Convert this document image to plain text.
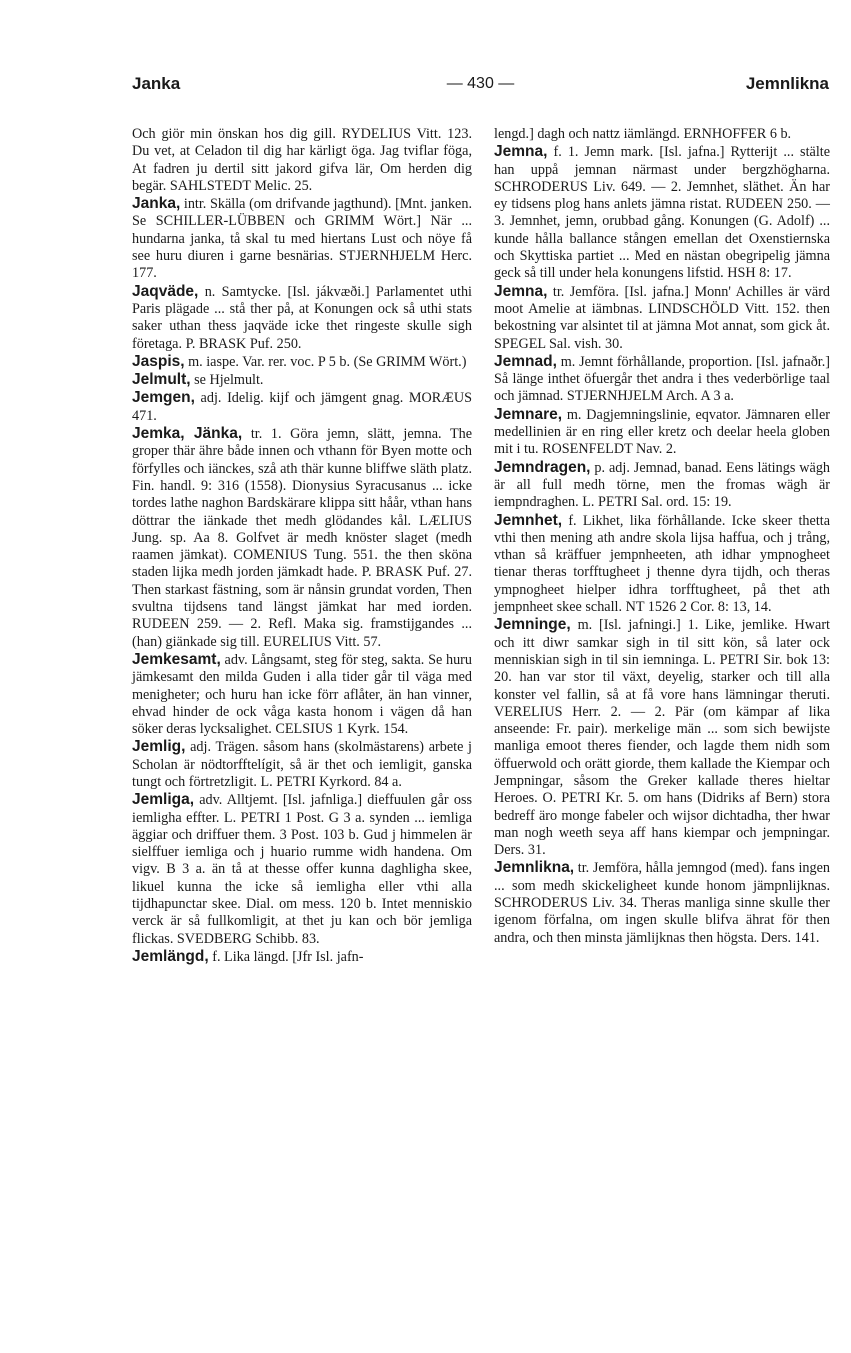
Janka	— 430 —	Jemnlikna

Och giör min önskan hos dig gill. RYDELIUS Vitt. 123. Du vet, at Celadon til dig har kärligt öga. Jag tviflar föga, At fadren ju dertil sitt jakord gifva lär, Om herden dig begär. SAHLSTEDT Melic. 25.

Janka, intr. Skälla (om drifvande jagthund). [Mnt. janken. Se SCHILLER-LÜBBEN och GRIMM Wört.] När ... hundarna janka, tå skal tu med hiertans Lust och nöye få see huru diuren i garne besnärias. STJERNHJELM Herc. 177.

Jaqväde, n. Samtycke. [Isl. jákvæði.] Parlamentet uthi Paris plägade ... stå ther på, at Konungen ock så uthi stats saker uthan thess jaqväde icke thet ringeste skulle sigh företaga. P. BRASK Puf. 250.

Jaspis, m. iaspe. Var. rer. voc. P 5 b. (Se GRIMM Wört.)

Jelmult, se Hjelmult.

Jemgen, adj. Idelig. kijf och jämgent gnag. MORÆUS 471.

Jemka, Jänka, tr. 1. Göra jemn, slätt, jemna. The groper thär ähre både innen och vthann för Byen motte och förfylles och iänckes, szå ath thär kunne bliffwe släth platz. Fin. handl. 9: 316 (1558). Dionysius Syracusanus ... icke tordes lathe naghon Bardskärare klippa sitt håår, vthan hans döttrar the iänkade thet medh glödandes kål. LÆLIUS Jung. sp. Aa 8. Golfvet är medh knöster slaget (medh raamen jämkat). COMENIUS Tung. 551. the then sköna staden lijka medh jorden jämkadt hade. P. BRASK Puf. 27. Then starkast fästning, som är nånsin grundat vorden, Then svultna tijdsens tand längst jämkat har med iorden. RUDEEN 259. — 2. Refl. Maka sig. framstijgandes ... (han) giänkade sig till. EURELIUS Vitt. 57.

Jemkesamt, adv. Långsamt, steg för steg, sakta. Se huru jämkesamt den milda Guden i alla tider går til väga med menigheter; och huru han icke förr aflåter, än han vinner, ehvad hinder de ock våga kasta honom i vägen då han söker deras lycksalighet. CELSIUS 1 Kyrk. 154.

Jemlig, adj. Trägen. såsom hans (skolmästarens) arbete j Scholan är nödtorfftelígit, så är thet och iemligit, ganska tungt och förtretzligit. L. PETRI Kyrkord. 84 a.

Jemliga, adv. Alltjemt. [Isl. jafnliga.] dieffuulen går oss iemligha effter. L. PETRI 1 Post. G 3 a. synden ... iemliga äggiar och driffuer them. 3 Post. 103 b. Gud j himmelen är sielffuer iemliga och j huario rumme widh handena. Om vigv. B 3 a. än tå at thesse offer kunna daghligha skee, likuel kunna the icke så iemligha eller vthi alla tijdhapunctar skee. Dial. om mess. 120 b. Intet menniskio verck är så fullkomligit, at thet ju kan och bör jemliga flickas. SVEDBERG Schibb. 83.

Jemlängd, f. Lika längd. [Jfr Isl. jafn-

lengd.] dagh och nattz iämlängd. ERNHOFFER 6 b.

Jemna, f. 1. Jemn mark. [Isl. jafna.] Rytterijt ... stälte han uppå jemnan närmast under bergzhögharna. SCHRODERUS Liv. 649. — 2. Jemnhet, släthet. Än har ey tidsens plog hans anlets jämna ristat. RUDEEN 250. — 3. Jemnhet, jemn, orubbad gång. Konungen (G. Adolf) ... kunde hålla ballance stången emellan det Oxenstiernska och Skyttiska partiet ... Med en nästan obegripelig jämna geck så till under hela konungens lifstid. HSH 8: 17.

Jemna, tr. Jemföra. [Isl. jafna.] Monn' Achilles är värd moot Amelie at iämbnas. LINDSCHÖLD Vitt. 152. then bekostning var alsintet til at jämna Mot annat, som gick åt. SPEGEL Sal. vish. 30.

Jemnad, m. Jemnt förhållande, proportion. [Isl. jafnaðr.] Så länge inthet öfuergår thet andra i thes vederbörlige taal och jämnad. STJERNHJELM Arch. A 3 a.

Jemnare, m. Dagjemningslinie, eqvator. Jämnaren eller medellinien är en ring eller kretz och deelar heela globen mit i tu. ROSENFELDT Nav. 2.

Jemndragen, p. adj. Jemnad, banad. Eens lätings wägh är all full medh törne, men the fromas wägh är iempndraghen. L. PETRI Sal. ord. 15: 19.

Jemnhet, f. Likhet, lika förhållande. Icke skeer thetta vthi then mening ath andre skola lijsa haffua, och j trång, vthan så kräffuer jempnheeten, ath idhar ympnogheet tienar theras torfftugheet j thenne dyra tijdh, och theras ympnogheet hielper idhra torfftugheet, på thet ath jempnheet skee schall. NT 1526 2 Cor. 8: 13, 14.

Jemninge, m. [Isl. jafningi.] 1. Like, jemlike. Hwart och itt diwr samkar sigh in til sitt kön, så later ock menniskian sigh in til sin iemninga. L. PETRI Sir. bok 13: 20. han var stor til växt, deyelig, starker och till alla konster vel fallin, så at få vore hans lämningar theruti. VERELIUS Herr. 2. — 2. Pär (om kämpar af lika anseende: Fr. pair). merkelige män ... som sich bewijste manliga emoot theres fiender, och lagde them nidh som öffuerwold och orätt giorde, them kallade the Kiempar och Jempningar, såsom the Greker kallade theres hieltar Heroes. O. PETRI Kr. 5. om hans (Didriks af Bern) stora bedreff äro monge fabeler och wijsor dichtadha, ther hwar man nogh weeth seya aff hans kiempar och jempningar. Ders. 31.

Jemnlikna, tr. Jemföra, hålla jemngod (med). fans ingen ... som medh skickeligheet kunde honom jämpnlijknas. SCHRODERUS Liv. 34. Theras manliga sinne skulle ther igenom förfalna, om ingen skulle blifva ährat för then andra, och then minsta jämlijknas then högsta. Ders. 141.
